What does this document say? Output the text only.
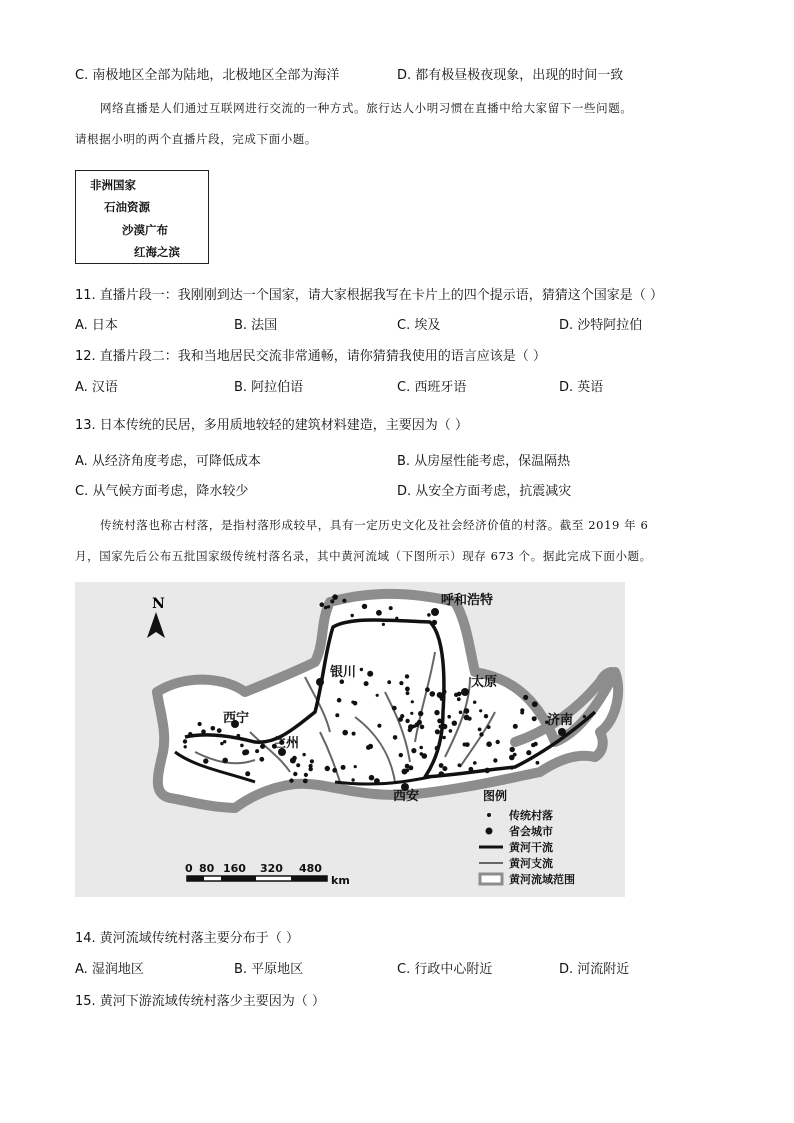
C. 南极地区全部为陆地，北极地区全部为海洋	D. 都有极昼极夜现象，出现的时间一致
网络直播是人们通过互联网进行交流的一种方式。旅行达人小明习惯在直播中给大家留下一些问题。
请根据小明的两个直播片段，完成下面小题。
非洲国家
石油资源
沙漠广布
红海之滨
11. 直播片段一：我刚刚到达一个国家，请大家根据我写在卡片上的四个提示语，猜猜这个国家是（ ）
A. 日本	B. 法国	C. 埃及	D. 沙特阿拉伯
12. 直播片段二：我和当地居民交流非常通畅，请你猜猜我使用的语言应该是（ ）
A. 汉语	B. 阿拉伯语	C. 西班牙语	D. 英语
13. 日本传统的民居，多用质地较轻的建筑材料建造，主要因为（ ）
A. 从经济角度考虑，可降低成本	B. 从房屋性能考虑，保温隔热
C. 从气候方面考虑，降水较少	D. 从安全方面考虑，抗震减灾
传统村落也称古村落，是指村落形成较早，具有一定历史文化及社会经济价值的村落。截至 2019 年 6
月，国家先后公布五批国家级传统村落名录，其中黄河流域（下图所示）现存 673 个。据此完成下面小题。
呼和浩特
银川
太原
济南
西宁
兰州
西安
N
图例
传统村落
省会城市
黄河干流
黄河支流
黄河流域范围
0 80 160 320 480
km
14. 黄河流域传统村落主要分布于（ ）
A. 湿润地区	B. 平原地区	C. 行政中心附近	D. 河流附近
15. 黄河下游流域传统村落少主要因为（ ）
